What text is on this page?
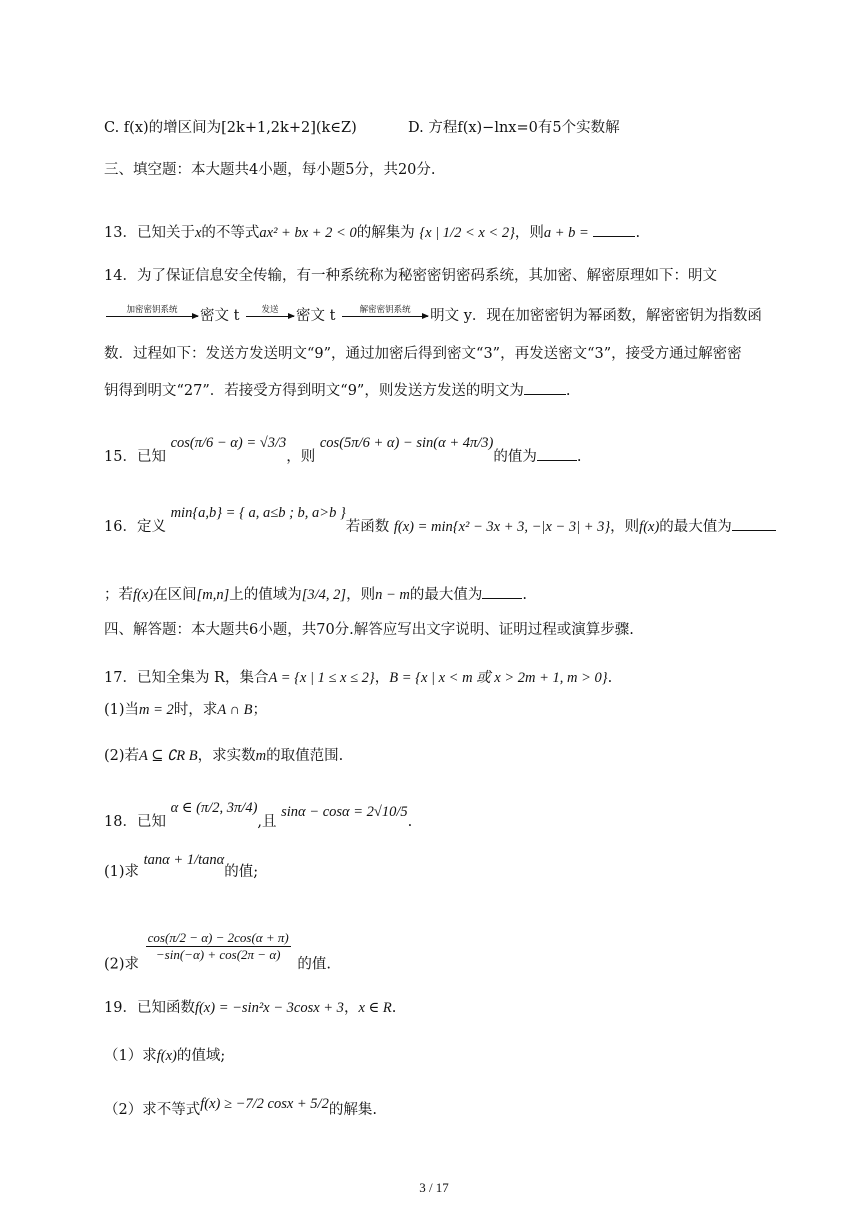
C. f(x)的增区间为[2k+1,2k+2](k∈Z)	D. 方程f(x)−lnx=0有5个实数解
三、填空题：本大题共4小题，每小题5分，共20分.
13．已知关于x的不等式ax² + bx + 2 < 0的解集为 {x | 1/2 < x < 2}，则a + b =	.
14．为了保证信息安全传输，有一种系统称为秘密密钥密码系统，其加密、解密原理如下：明文
加密密钥系统	密文 t	发送	密文 t	解密密钥系统	明文 y．现在加密密钥为幂函数，解密密钥为指数函
数．过程如下：发送方发送明文“9”，通过加密后得到密文“3”，再发送密文“3”，接受方通过解密密
钥得到明文“27”．若接受方得到明文“9”，则发送方发送的明文为	.
15．已知 cos(π/6 − α) = √3/3，则 cos(5π/6 + α) − sin(α + 4π/3)的值为	.
16．定义 min{a,b} = { a, a≤b ; b, a>b }若函数 f(x) = min{x² − 3x + 3, −|x − 3| + 3}，则f(x)的最大值为
；若f(x)在区间[m,n]上的值域为[3/4, 2]，则n − m的最大值为	.
四、解答题：本大题共6小题，共70分.解答应写出文字说明、证明过程或演算步骤.
17．已知全集为 R，集合A = {x | 1 ≤ x ≤ 2}，B = {x | x < m 或 x > 2m + 1, m > 0}.
(1)当m = 2时，求A ∩ B；
(2)若A ⊆ ∁R B，求实数m的取值范围.
18．已知 α ∈ (π/2, 3π/4),且 sinα − cosα = 2√10/5.
(1)求 tanα + 1/tanα的值;
(2)求
$\frac{\cos(\pi/2 - \alpha) - 2\cos(\alpha + \pi)}{-\sin(-\alpha) + \cos(2\pi - \alpha)}$
的值.
19．已知函数f(x) = −sin²x − 3cosx + 3，x ∈ R.
（1）求f(x)的值域;
（2）求不等式f(x) ≥ −7/2 cosx + 5/2的解集.
3 / 17
